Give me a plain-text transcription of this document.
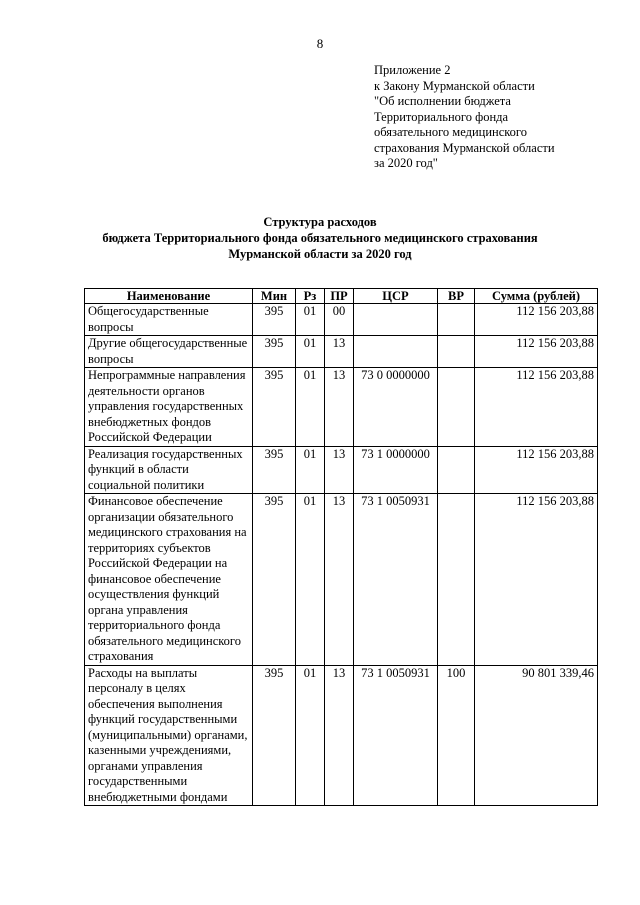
8
Приложение 2
к Закону Мурманской области
"Об исполнении бюджета
Территориального фонда
обязательного медицинского
страхования Мурманской области
за 2020 год"
Структура расходов
бюджета Территориального фонда обязательного медицинского страхования
Мурманской области за 2020 год
Наименование	Мин	Рз	ПР	ЦСР	ВР	Сумма (рублей)
Общегосударственные вопросы	395	01	00			112 156 203,88
Другие общегосударственные вопросы	395	01	13			112 156 203,88
Непрограммные направления деятельности органов управления государственных внебюджетных фондов Российской Федерации	395	01	13	73 0 0000000		112 156 203,88
Реализация государственных функций в области социальной политики	395	01	13	73 1 0000000		112 156 203,88
Финансовое обеспечение организации обязательного медицинского страхования на территориях субъектов Российской Федерации на финансовое обеспечение осуществления функций органа управления территориального фонда обязательного медицинского страхования	395	01	13	73 1 0050931		112 156 203,88
Расходы на выплаты персоналу в целях обеспечения выполнения функций государственными (муниципальными) органами, казенными учреждениями, органами управления государственными внебюджетными фондами	395	01	13	73 1 0050931	100	90 801 339,46
